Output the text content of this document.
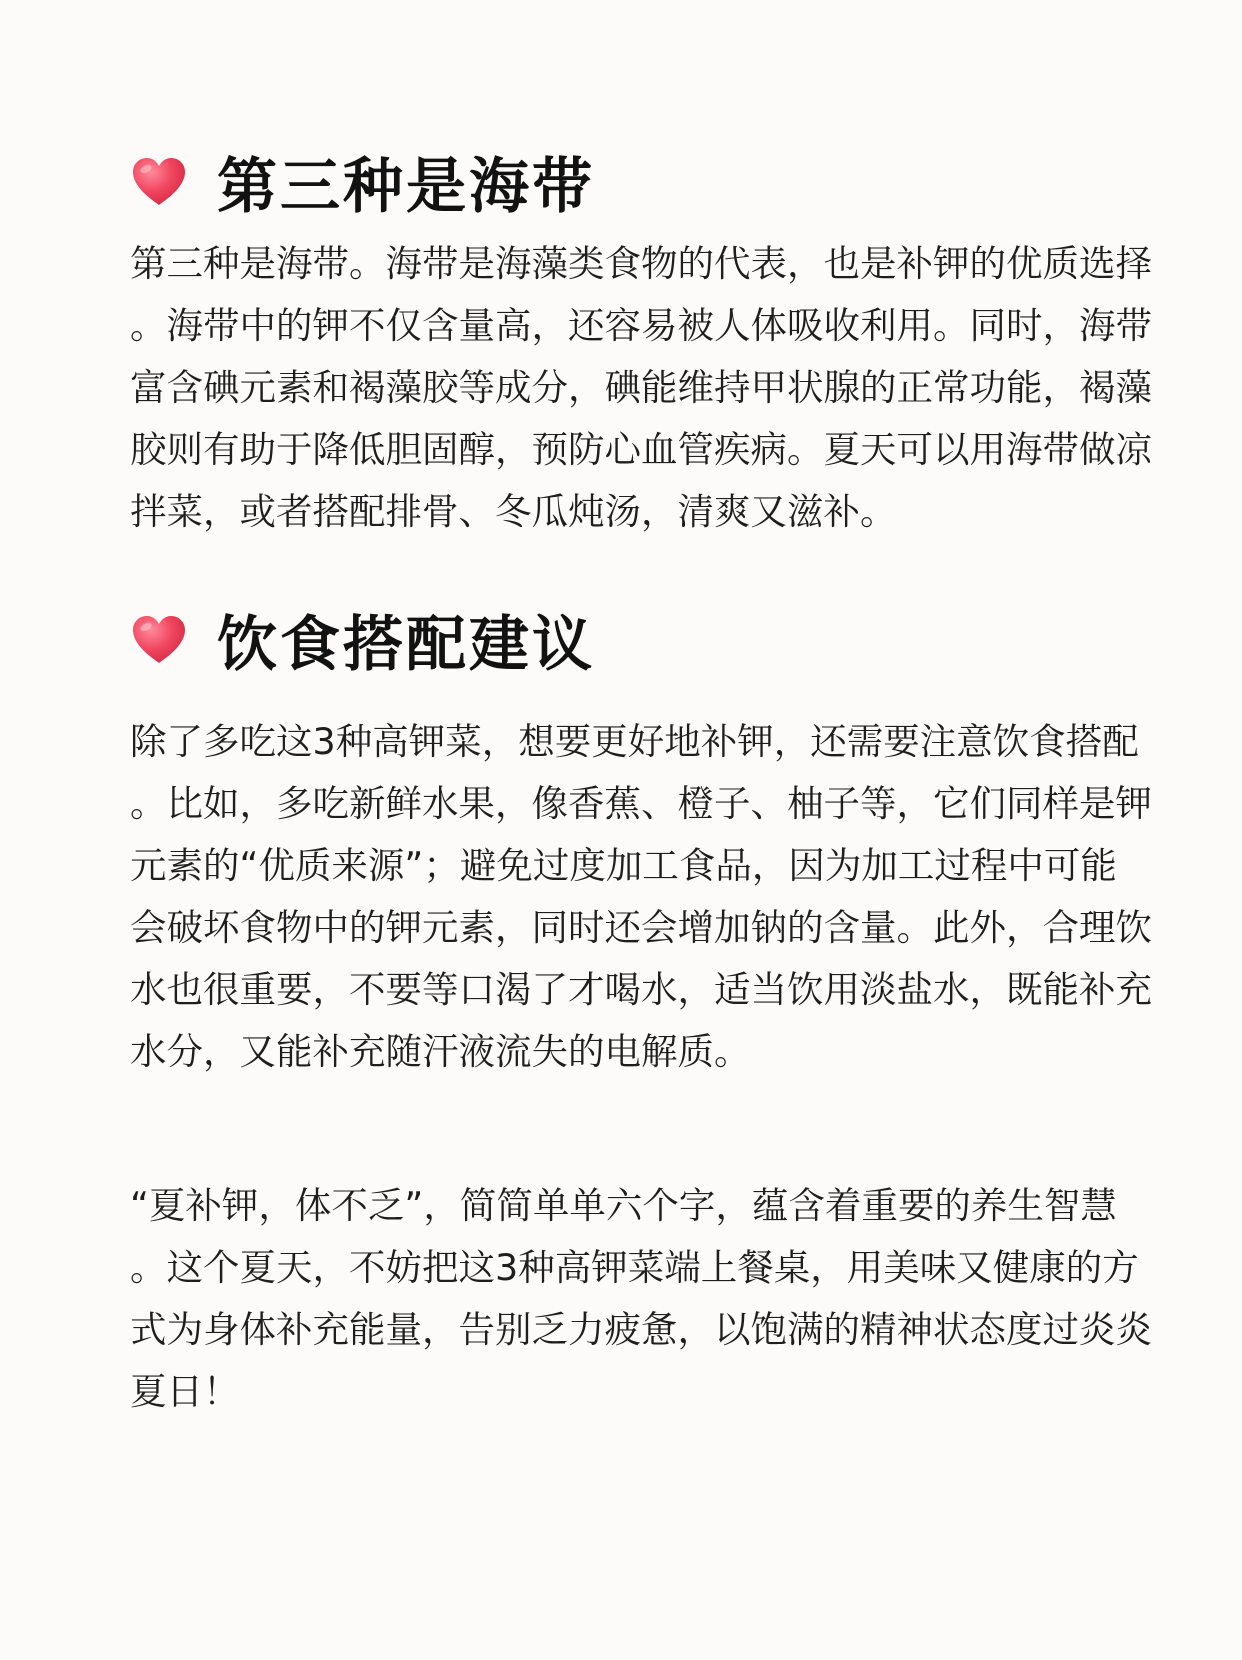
第三种是海带
第三种是海带。海带是海藻类食物的代表，也是补钾的优质选择
。海带中的钾不仅含量高，还容易被人体吸收利用。同时，海带
富含碘元素和褐藻胶等成分，碘能维持甲状腺的正常功能，褐藻
胶则有助于降低胆固醇，预防心血管疾病。夏天可以用海带做凉
拌菜，或者搭配排骨、冬瓜炖汤，清爽又滋补。
饮食搭配建议
除了多吃这3种高钾菜，想要更好地补钾，还需要注意饮食搭配
。比如，多吃新鲜水果，像香蕉、橙子、柚子等，它们同样是钾
元素的“优质来源”；避免过度加工食品，因为加工过程中可能
会破坏食物中的钾元素，同时还会增加钠的含量。此外，合理饮
水也很重要，不要等口渴了才喝水，适当饮用淡盐水，既能补充
水分，又能补充随汗液流失的电解质。
“夏补钾，体不乏”，简简单单六个字，蕴含着重要的养生智慧
。这个夏天，不妨把这3种高钾菜端上餐桌，用美味又健康的方
式为身体补充能量，告别乏力疲惫，以饱满的精神状态度过炎炎
夏日！
